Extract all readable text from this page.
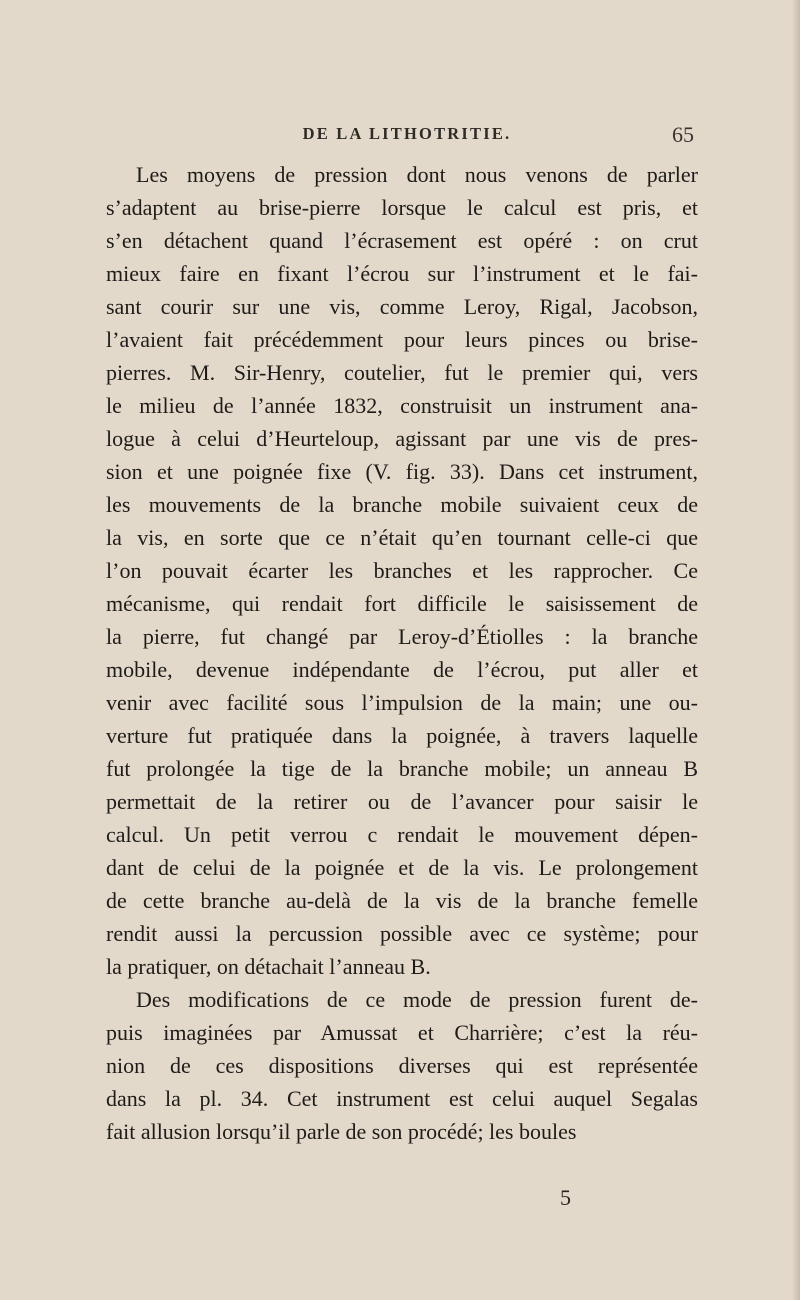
DE LA LITHOTRITIE.	65
Les moyens de pression dont nous venons de parler
s’adaptent au brise-pierre lorsque le calcul est pris, et
s’en détachent quand l’écrasement est opéré : on crut
mieux faire en fixant l’écrou sur l’instrument et le fai-
sant courir sur une vis, comme Leroy, Rigal, Jacobson,
l’avaient fait précédemment pour leurs pinces ou brise-
pierres. M. Sir-Henry, coutelier, fut le premier qui, vers
le milieu de l’année 1832, construisit un instrument ana-
logue à celui d’Heurteloup, agissant par une vis de pres-
sion et une poignée fixe (V. fig. 33). Dans cet instrument,
les mouvements de la branche mobile suivaient ceux de
la vis, en sorte que ce n’était qu’en tournant celle-ci que
l’on pouvait écarter les branches et les rapprocher. Ce
mécanisme, qui rendait fort difficile le saisissement de
la pierre, fut changé par Leroy-d’Étiolles : la branche
mobile, devenue indépendante de l’écrou, put aller et
venir avec facilité sous l’impulsion de la main; une ou-
verture fut pratiquée dans la poignée, à travers laquelle
fut prolongée la tige de la branche mobile; un anneau B
permettait de la retirer ou de l’avancer pour saisir le
calcul. Un petit verrou c rendait le mouvement dépen-
dant de celui de la poignée et de la vis. Le prolongement
de cette branche au-delà de la vis de la branche femelle
rendit aussi la percussion possible avec ce système; pour
la pratiquer, on détachait l’anneau B.
Des modifications de ce mode de pression furent de-
puis imaginées par Amussat et Charrière; c’est la réu-
nion de ces dispositions diverses qui est représentée
dans la pl. 34. Cet instrument est celui auquel Segalas
fait allusion lorsqu’il parle de son procédé; les boules
5
